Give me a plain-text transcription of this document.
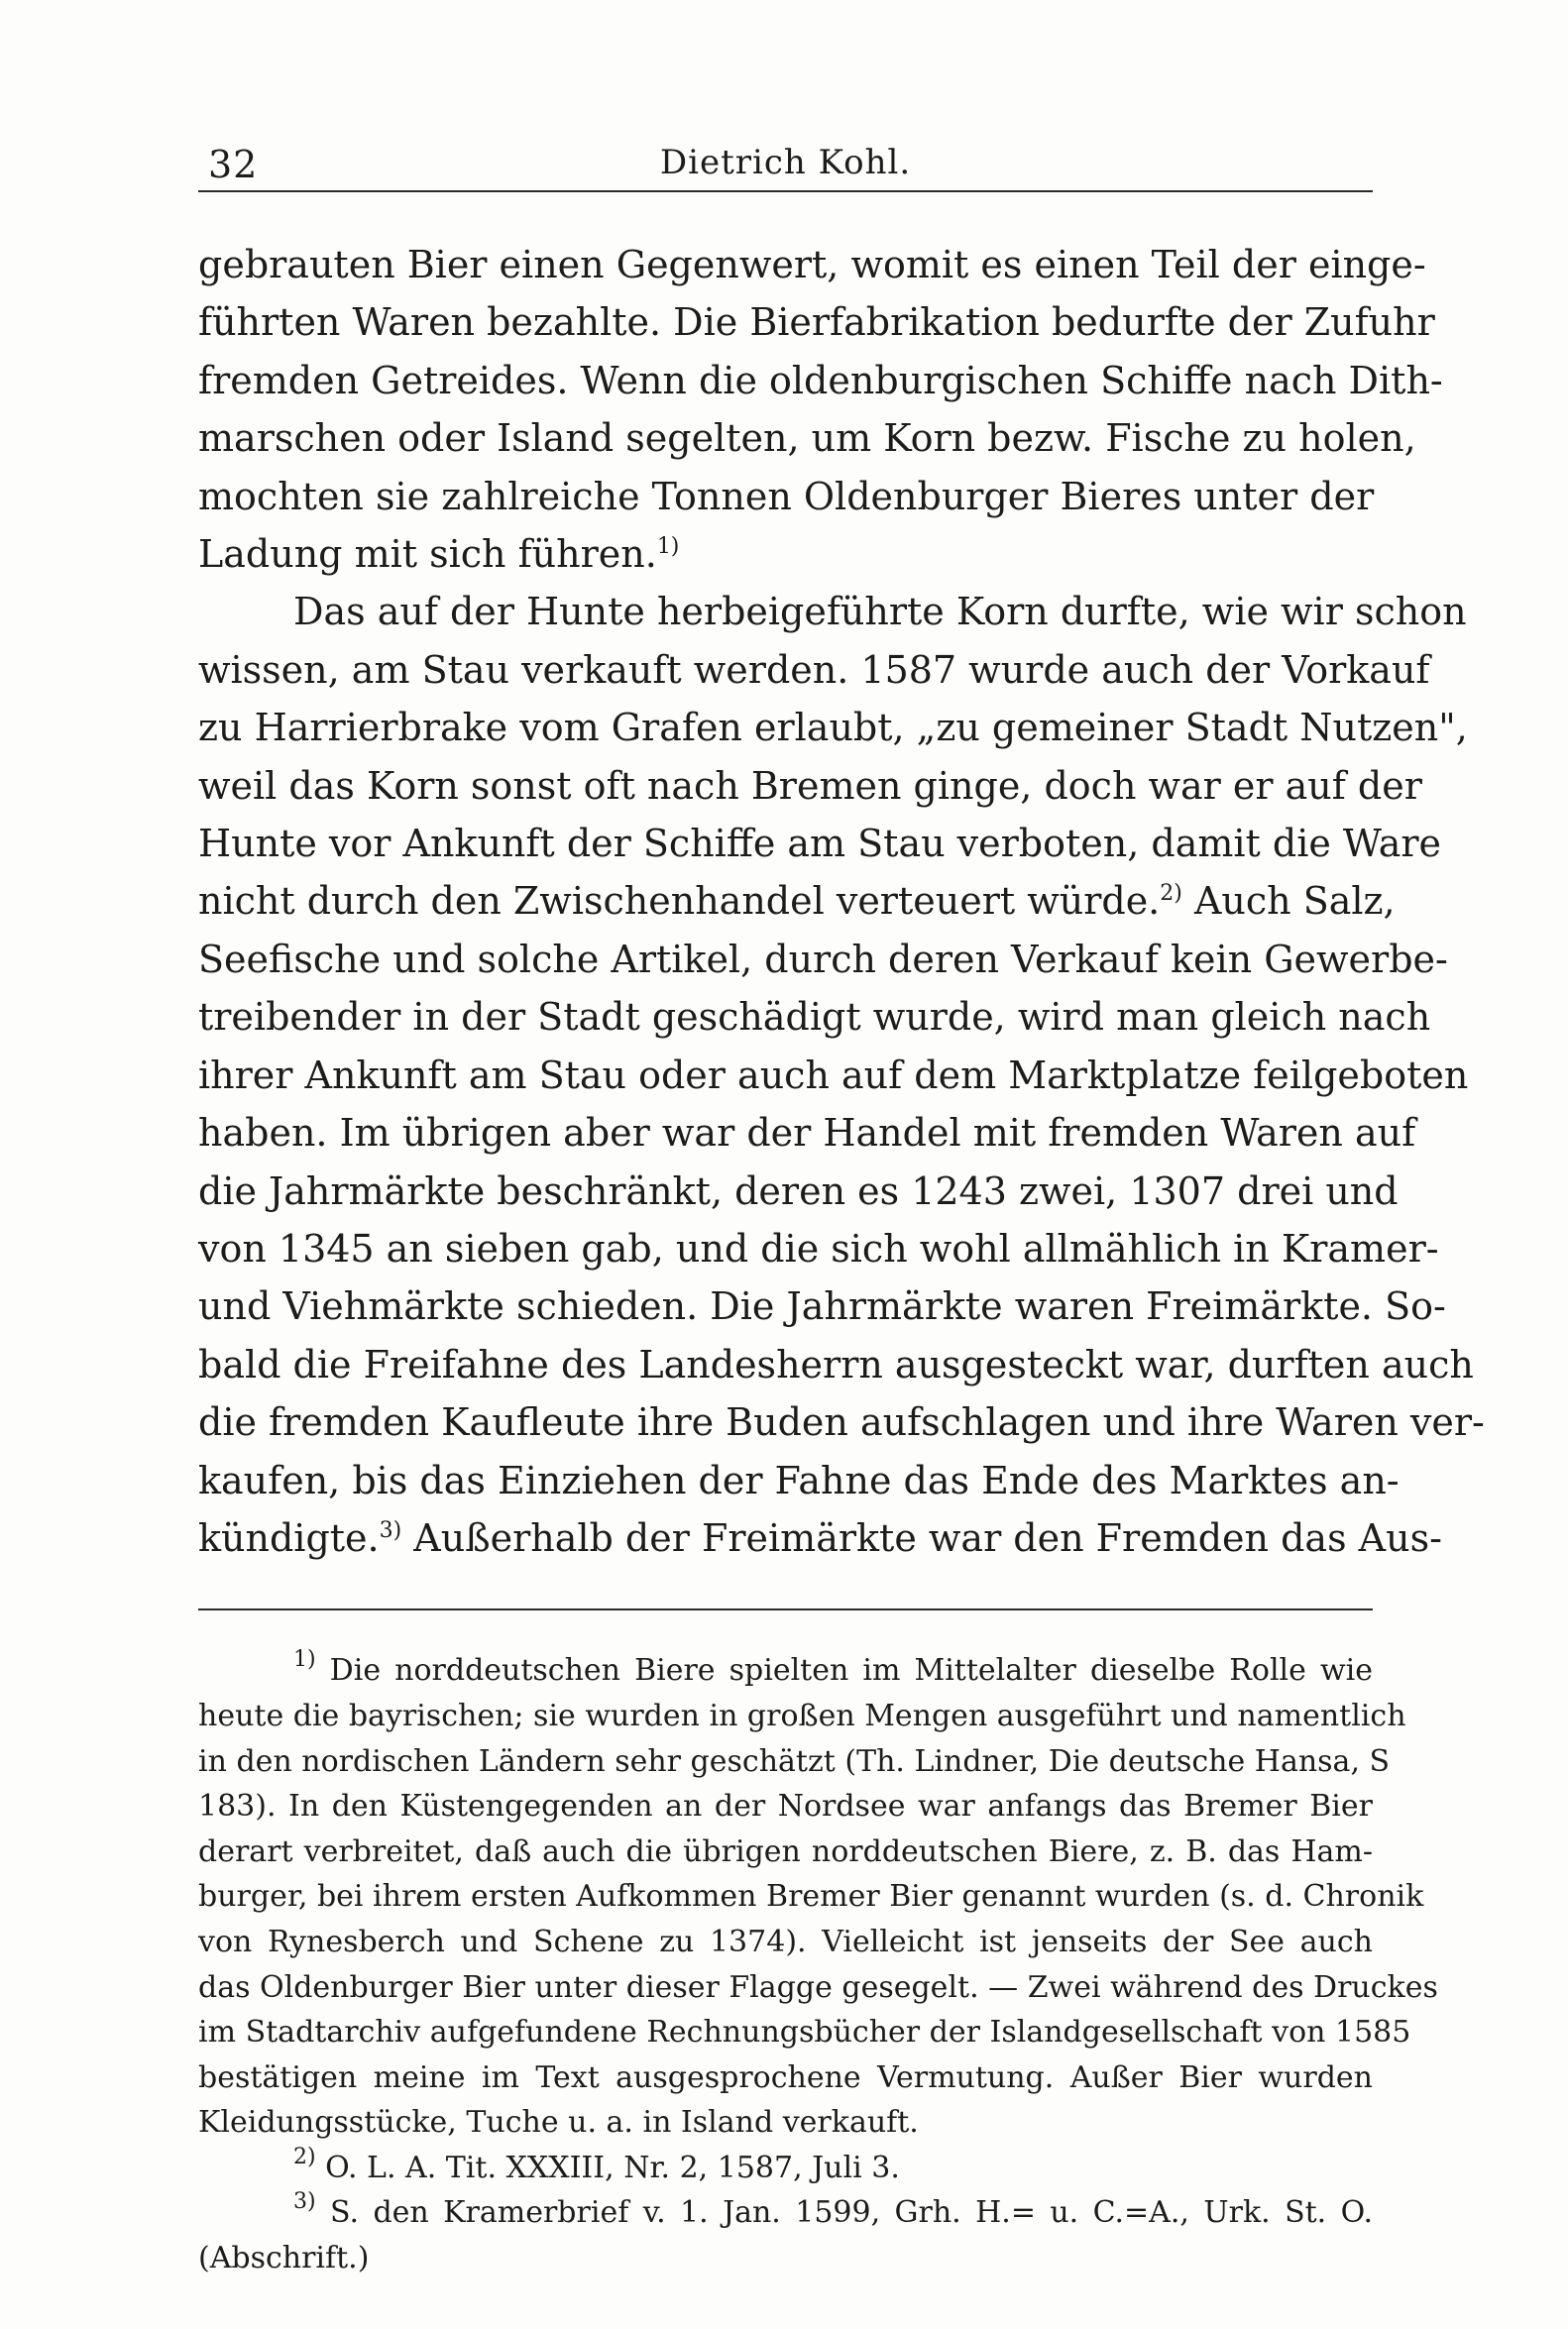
32	Dietrich Kohl.
gebrauten Bier einen Gegenwert, womit es einen Teil der einge-
führten Waren bezahlte. Die Bierfabrikation bedurfte der Zufuhr
fremden Getreides. Wenn die oldenburgischen Schiffe nach Dith-
marschen oder Island segelten, um Korn bezw. Fische zu holen,
mochten sie zahlreiche Tonnen Oldenburger Bieres unter der
Ladung mit sich führen.$^{1)}$
Das auf der Hunte herbeigeführte Korn durfte, wie wir schon
wissen, am Stau verkauft werden. 1587 wurde auch der Vorkauf
zu Harrierbrake vom Grafen erlaubt, „zu gemeiner Stadt Nutzen",
weil das Korn sonst oft nach Bremen ginge, doch war er auf der
Hunte vor Ankunft der Schiffe am Stau verboten, damit die Ware
nicht durch den Zwischenhandel verteuert würde.$^{2)}$ Auch Salz,
Seefische und solche Artikel, durch deren Verkauf kein Gewerbe-
treibender in der Stadt geschädigt wurde, wird man gleich nach
ihrer Ankunft am Stau oder auch auf dem Marktplatze feilgeboten
haben. Im übrigen aber war der Handel mit fremden Waren auf
die Jahrmärkte beschränkt, deren es 1243 zwei, 1307 drei und
von 1345 an sieben gab, und die sich wohl allmählich in Kramer-
und Viehmärkte schieden. Die Jahrmärkte waren Freimärkte. So-
bald die Freifahne des Landesherrn ausgesteckt war, durften auch
die fremden Kaufleute ihre Buden aufschlagen und ihre Waren ver-
kaufen, bis das Einziehen der Fahne das Ende des Marktes an-
kündigte.$^{3)}$ Außerhalb der Freimärkte war den Fremden das Aus-
$^{1)}$ Die norddeutschen Biere spielten im Mittelalter dieselbe Rolle wie
heute die bayrischen; sie wurden in großen Mengen ausgeführt und namentlich
in den nordischen Ländern sehr geschätzt (Th. Lindner, Die deutsche Hansa, S
183). In den Küstengegenden an der Nordsee war anfangs das Bremer Bier
derart verbreitet, daß auch die übrigen norddeutschen Biere, z. B. das Ham-
burger, bei ihrem ersten Aufkommen Bremer Bier genannt wurden (s. d. Chronik
von Rynesberch und Schene zu 1374). Vielleicht ist jenseits der See auch
das Oldenburger Bier unter dieser Flagge gesegelt. — Zwei während des Druckes
im Stadtarchiv aufgefundene Rechnungsbücher der Islandgesellschaft von 1585
bestätigen meine im Text ausgesprochene Vermutung. Außer Bier wurden
Kleidungsstücke, Tuche u. a. in Island verkauft.
$^{2)}$ O. L. A. Tit. XXXIII, Nr. 2, 1587, Juli 3.
$^{3)}$ S. den Kramerbrief v. 1. Jan. 1599, Grh. H.= u. C.=A., Urk. St. O.
(Abschrift.)
